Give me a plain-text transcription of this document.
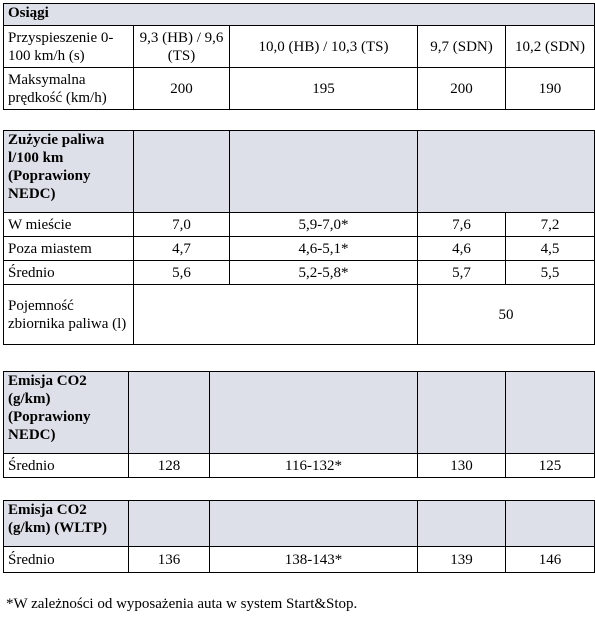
Osiągi				
Przyspieszenie 0-100 km/h (s)	9,3 (HB) / 9,6 (TS)	10,0 (HB) / 10,3 (TS)	9,7 (SDN)	10,2 (SDN)
Maksymalna prędkość (km/h)	200	195	200	190
Zużycie paliwa l/100 km (Poprawiony NEDC)				
W mieście	7,0	5,9-7,0*	7,6	7,2
Poza miastem	4,7	4,6-5,1*	4,6	4,5
Średnio	5,6	5,2-5,8*	5,7	5,5
Pojemność zbiornika paliwa (l)			50	
Emisja CO2 (g/km) (Poprawiony NEDC)				
Średnio	128	116-132*	130	125
Emisja CO2 (g/km) (WLTP)				
Średnio	136	138-143*	139	146
*W zależności od wyposażenia auta w system Start&Stop.
